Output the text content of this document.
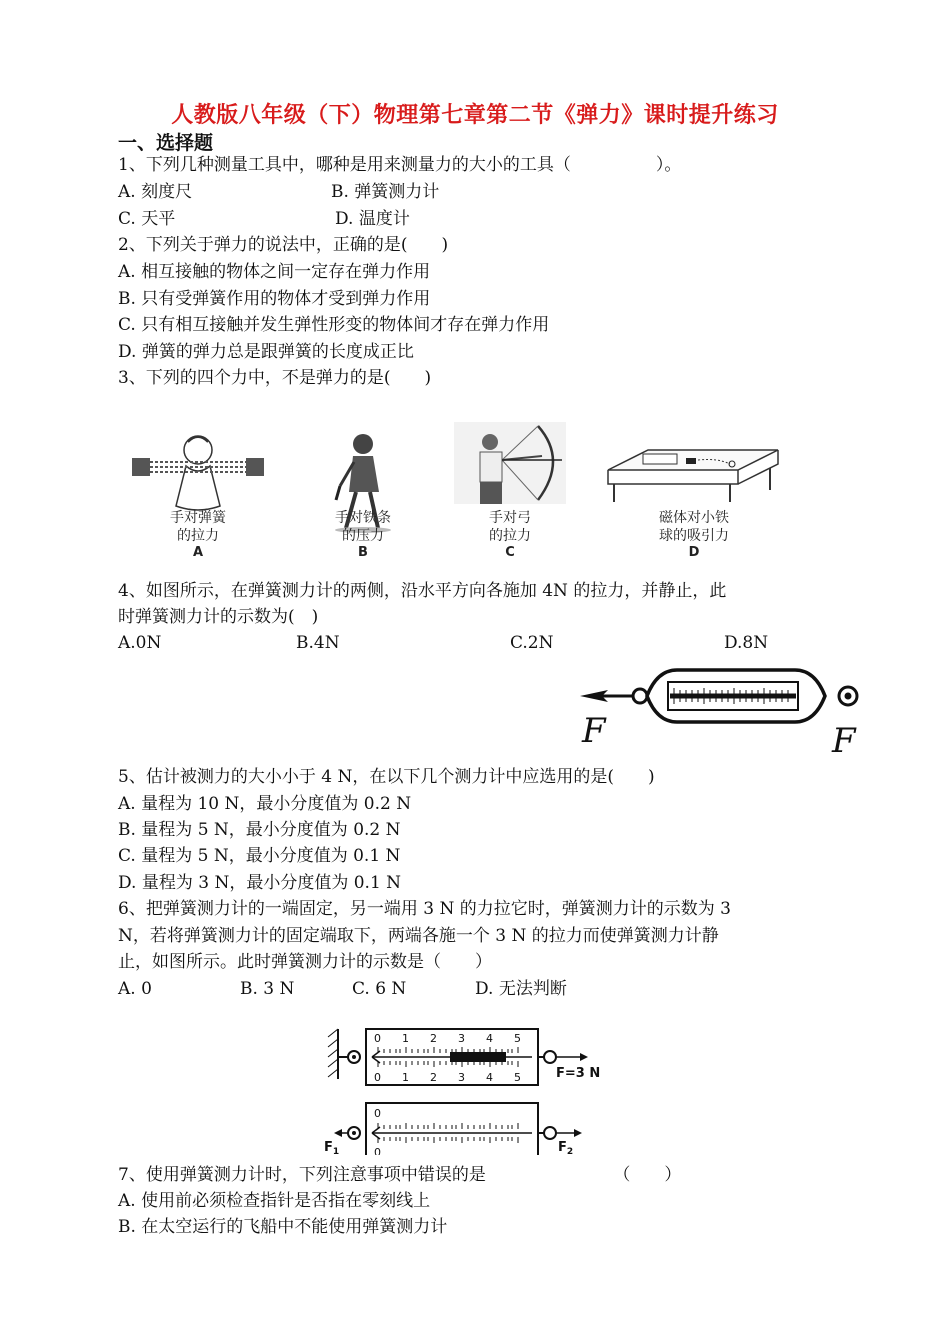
人教版八年级（下）物理第七章第二节《弹力》课时提升练习
一、选择题
1、下列几种测量工具中，哪种是用来测量力的大小的工具（　　　　　）。
A. 刻度尺	B. 弹簧测力计
C. 天平	D. 温度计
2、下列关于弹力的说法中，正确的是(　　)
A. 相互接触的物体之间一定存在弹力作用
B. 只有受弹簧作用的物体才受到弹力作用
C. 只有相互接触并发生弹性形变的物体间才存在弹力作用
D. 弹簧的弹力总是跟弹簧的长度成正比
3、下列的四个力中，不是弹力的是(　　)
手对弹簧
的拉力
A
手对铁条
的压力
B
手对弓
的拉力
C
磁体对小铁
球的吸引力
D
4、如图所示，在弹簧测力计的两侧，沿水平方向各施加 4N 的拉力，并静止，此
时弹簧测力计的示数为(　)
A.0N	B.4N	C.2N	D.8N
F	F
5、估计被测力的大小小于 4 N，在以下几个测力计中应选用的是(　　)
A. 量程为 10 N，最小分度值为 0.2 N
B. 量程为 5 N，最小分度值为 0.2 N
C. 量程为 5 N，最小分度值为 0.1 N
D. 量程为 3 N，最小分度值为 0.1 N
6、把弹簧测力计的一端固定，另一端用 3 N 的力拉它时，弹簧测力计的示数为 3
N，若将弹簧测力计的固定端取下，两端各施一个 3 N 的拉力而使弹簧测力计静
止，如图所示。此时弹簧测力计的示数是（　　）
A. 0	B. 3 N	C. 6 N	D. 无法判断
0 1 2 3 4 5
0 1 2 3 4 5	F=3 N
0
0
$F_1$	$F_2$
7、使用弹簧测力计时，下列注意事项中错误的是　　　　　　　　（　　）
A. 使用前必须检查指针是否指在零刻线上
B. 在太空运行的飞船中不能使用弹簧测力计
